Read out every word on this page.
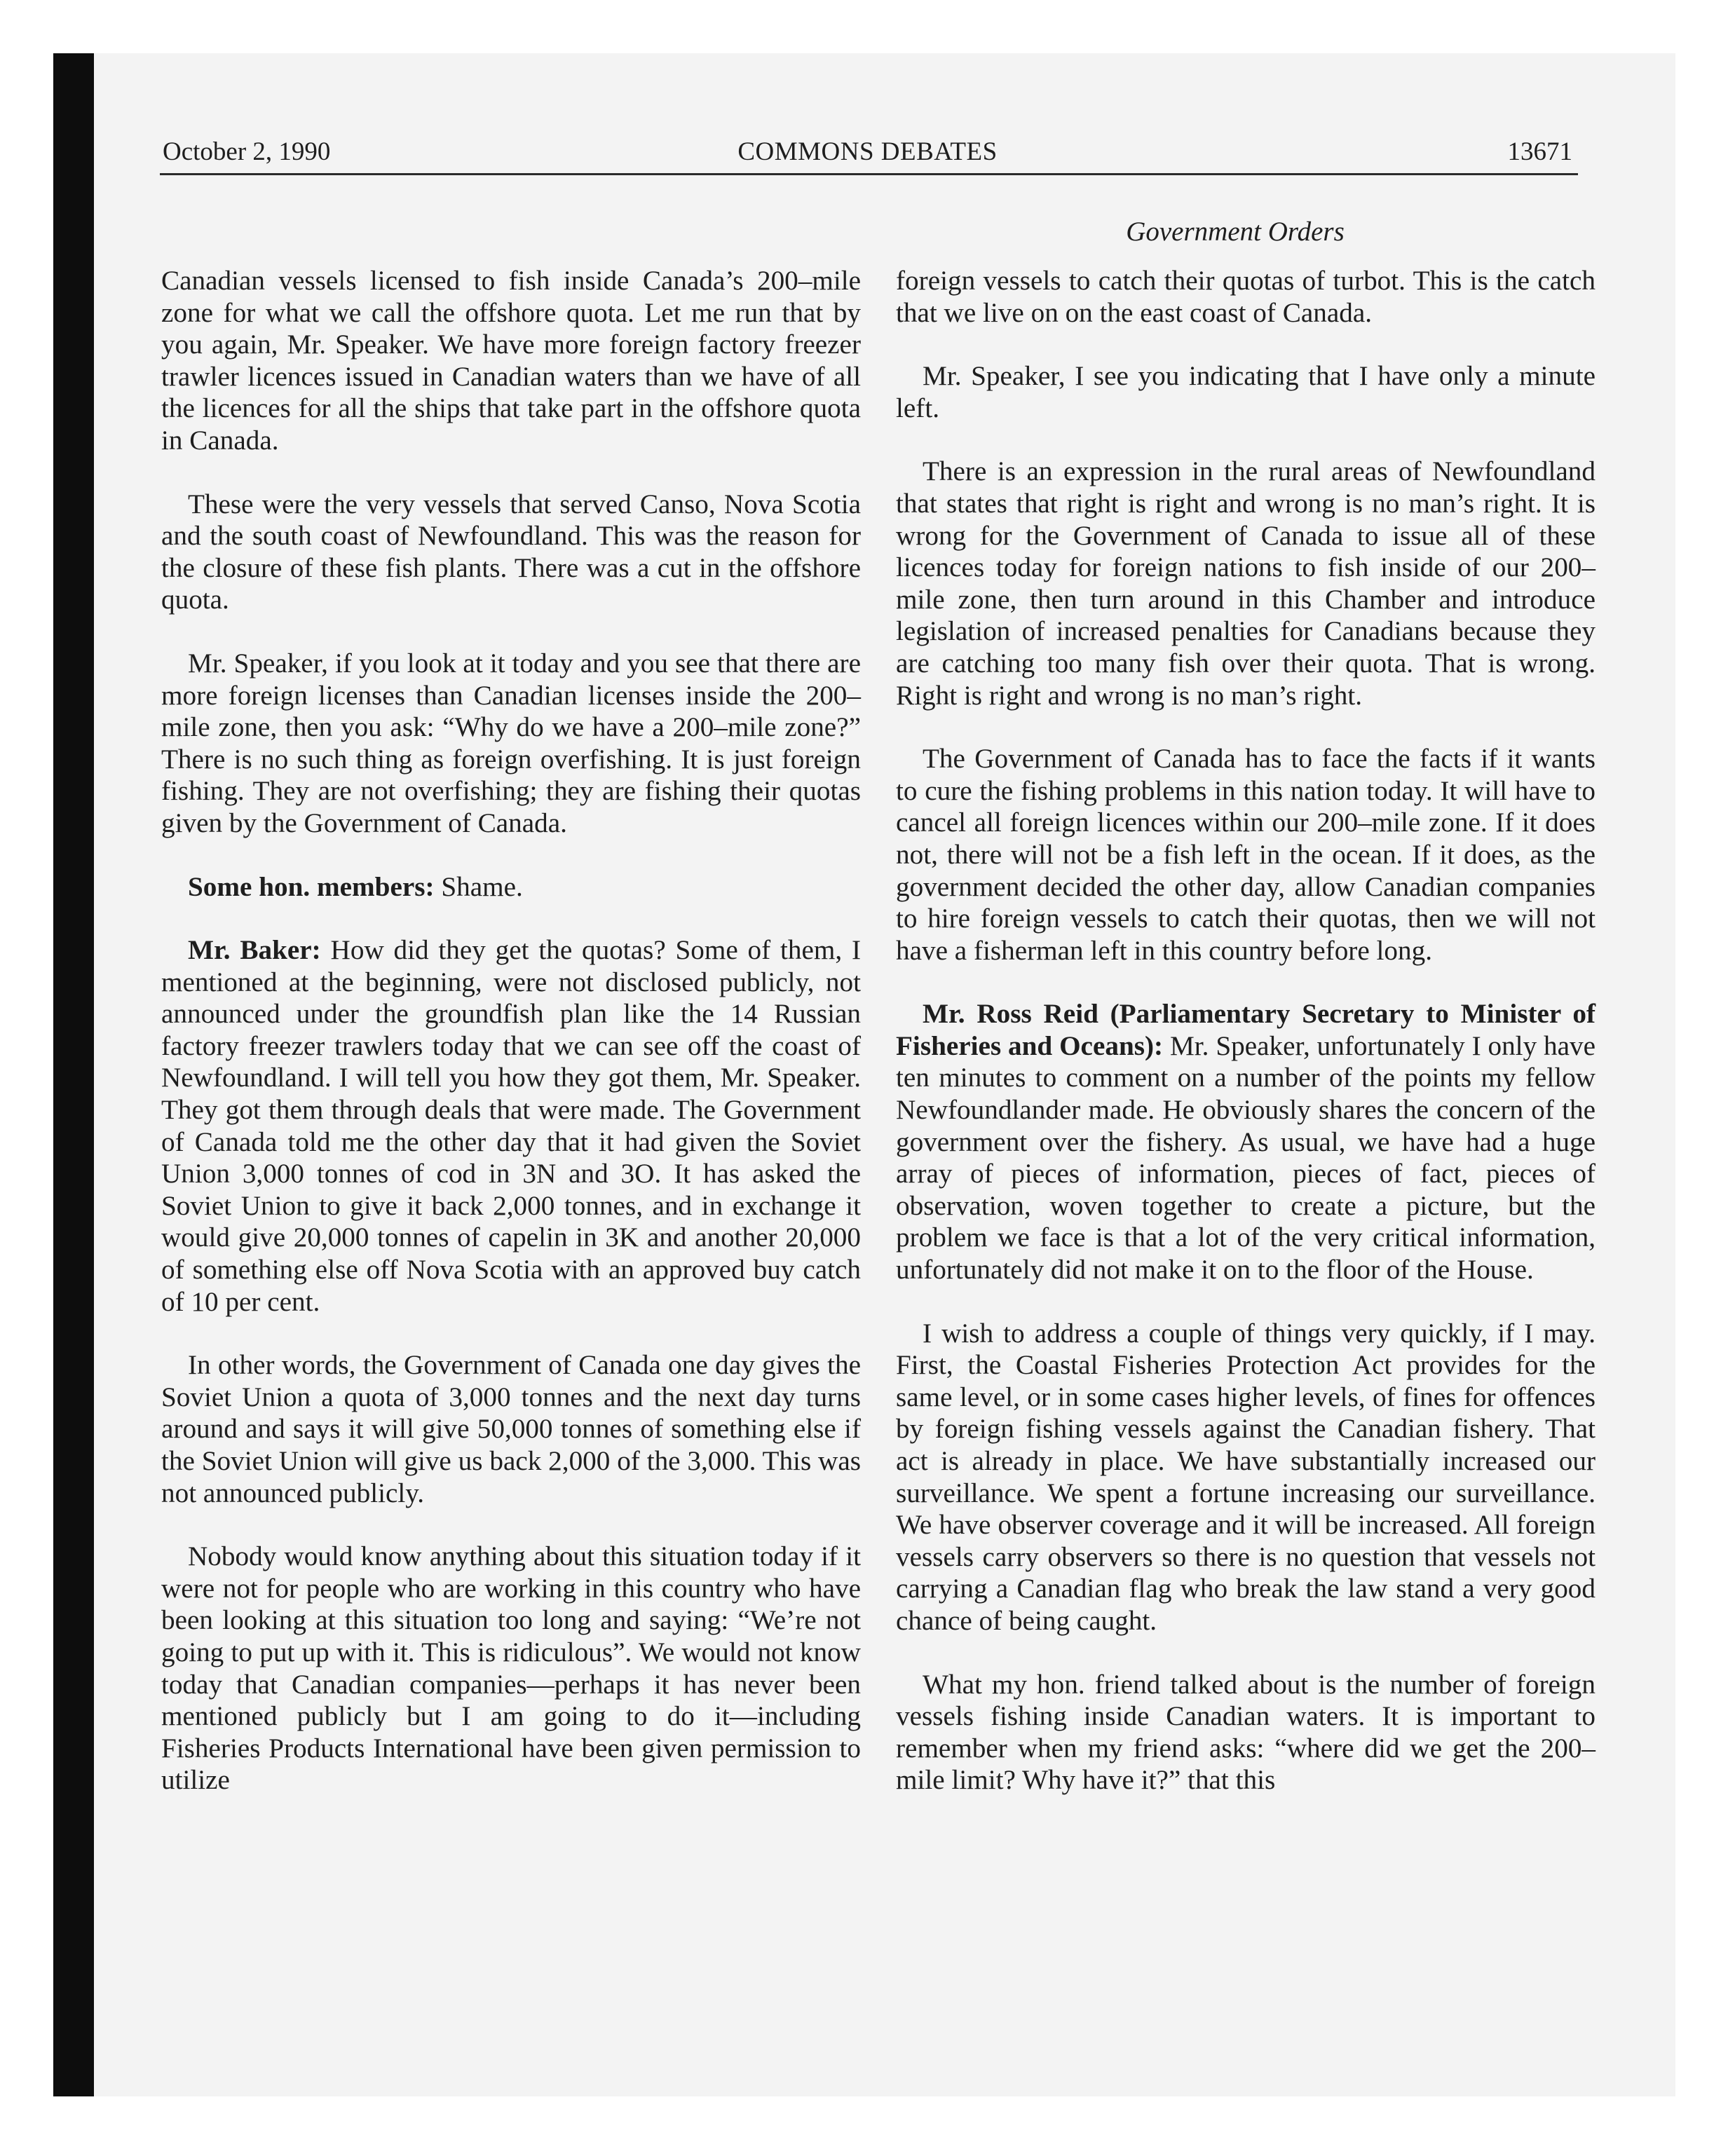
October 2, 1990	COMMONS DEBATES	13671
Government Orders

Canadian vessels licensed to fish inside Canada’s 200–mile zone for what we call the offshore quota. Let me run that by you again, Mr. Speaker. We have more foreign factory freezer trawler licences issued in Canadian waters than we have of all the licences for all the ships that take part in the offshore quota in Canada.

These were the very vessels that served Canso, Nova Scotia and the south coast of Newfoundland. This was the reason for the closure of these fish plants. There was a cut in the offshore quota.

Mr. Speaker, if you look at it today and you see that there are more foreign licenses than Canadian licenses inside the 200–mile zone, then you ask: “Why do we have a 200–mile zone?” There is no such thing as foreign overfishing. It is just foreign fishing. They are not overfishing; they are fishing their quotas given by the Government of Canada.

Some hon. members: Shame.

Mr. Baker: How did they get the quotas? Some of them, I mentioned at the beginning, were not disclosed publicly, not announced under the groundfish plan like the 14 Russian factory freezer trawlers today that we can see off the coast of Newfoundland. I will tell you how they got them, Mr. Speaker. They got them through deals that were made. The Government of Canada told me the other day that it had given the Soviet Union 3,000 tonnes of cod in 3N and 3O. It has asked the Soviet Union to give it back 2,000 tonnes, and in exchange it would give 20,000 tonnes of capelin in 3K and another 20,000 of something else off Nova Scotia with an approved buy catch of 10 per cent.

In other words, the Government of Canada one day gives the Soviet Union a quota of 3,000 tonnes and the next day turns around and says it will give 50,000 tonnes of something else if the Soviet Union will give us back 2,000 of the 3,000. This was not announced publicly.

Nobody would know anything about this situation today if it were not for people who are working in this country who have been looking at this situation too long and saying: “We’re not going to put up with it. This is ridiculous”. We would not know today that Canadian companies—perhaps it has never been mentioned publicly but I am going to do it—including Fisheries Products International have been given permission to utilize

foreign vessels to catch their quotas of turbot. This is the catch that we live on on the east coast of Canada.

Mr. Speaker, I see you indicating that I have only a minute left.

There is an expression in the rural areas of Newfoundland that states that right is right and wrong is no man’s right. It is wrong for the Government of Canada to issue all of these licences today for foreign nations to fish inside of our 200–mile zone, then turn around in this Chamber and introduce legislation of increased penalties for Canadians because they are catching too many fish over their quota. That is wrong. Right is right and wrong is no man’s right.

The Government of Canada has to face the facts if it wants to cure the fishing problems in this nation today. It will have to cancel all foreign licences within our 200–mile zone. If it does not, there will not be a fish left in the ocean. If it does, as the government decided the other day, allow Canadian companies to hire foreign vessels to catch their quotas, then we will not have a fisherman left in this country before long.

Mr. Ross Reid (Parliamentary Secretary to Minister of Fisheries and Oceans): Mr. Speaker, unfortunately I only have ten minutes to comment on a number of the points my fellow Newfoundlander made. He obviously shares the concern of the government over the fishery. As usual, we have had a huge array of pieces of information, pieces of fact, pieces of observation, woven together to create a picture, but the problem we face is that a lot of the very critical information, unfortunately did not make it on to the floor of the House.

I wish to address a couple of things very quickly, if I may. First, the Coastal Fisheries Protection Act provides for the same level, or in some cases higher levels, of fines for offences by foreign fishing vessels against the Canadian fishery. That act is already in place. We have substantially increased our surveillance. We spent a fortune increasing our surveillance. We have observer coverage and it will be increased. All foreign vessels carry observers so there is no question that vessels not carrying a Canadian flag who break the law stand a very good chance of being caught.

What my hon. friend talked about is the number of foreign vessels fishing inside Canadian waters. It is important to remember when my friend asks: “where did we get the 200–mile limit? Why have it?” that this
